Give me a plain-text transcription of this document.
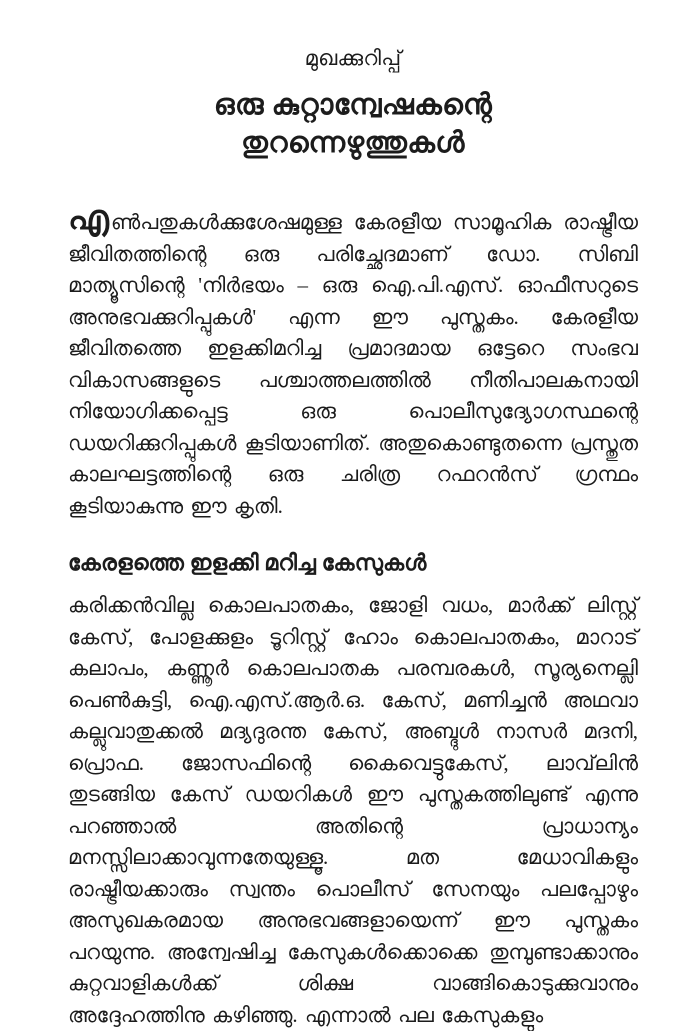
മുഖക്കുറിപ്പ്
ഒരു കുറ്റാന്വേഷകന്റെ
തുറന്നെഴുത്തുകൾ

എൺപതുകൾക്കുശേഷമുള്ള കേരളീയ സാമൂഹിക രാഷ്ട്രീയ ജീവിതത്തിന്റെ ഒരു പരിച്ഛേദമാണ് ഡോ. സിബി മാത്യൂസിന്റെ 'നിർഭയം – ഒരു ഐ.പി.എസ്. ഓഫീസറുടെ അനുഭവക്കുറിപ്പുകൾ' എന്ന ഈ പുസ്തകം. കേരളീയ ജീവിതത്തെ ഇളക്കിമറിച്ച പ്രമാദമായ ഒട്ടേറെ സംഭവ വികാസങ്ങളുടെ പശ്ചാത്തലത്തിൽ നീതിപാലകനായി നിയോഗിക്കപ്പെട്ട ഒരു പൊലീസുദ്യോഗസ്ഥന്റെ ഡയറിക്കുറിപ്പുകൾ കൂടിയാണിത്. അതുകൊണ്ടുതന്നെ പ്രസ്തുത കാലഘട്ടത്തിന്റെ ഒരു ചരിത്ര റഫറൻസ് ഗ്രന്ഥം കൂടിയാകുന്നു ഈ കൃതി.

കേരളത്തെ ഇളക്കി മറിച്ച കേസുകൾ

കരിക്കൻവില്ല കൊലപാതകം, ജോളി വധം, മാർക്ക് ലിസ്റ്റ് കേസ്, പോളക്കുളം ടൂറിസ്റ്റ് ഹോം കൊലപാതകം, മാറാട് കലാപം, കണ്ണൂർ കൊലപാതക പരമ്പരകൾ, സൂര്യനെല്ലി പെൺകുട്ടി, ഐ.എസ്.ആർ.ഒ. കേസ്, മണിച്ചൻ അഥവാ കല്ലുവാതുക്കൽ മദ്യദുരന്ത കേസ്, അബ്ദുൾ നാസർ മദനി, പ്രൊഫ. ജോസഫിന്റെ കൈവെട്ടുകേസ്, ലാവ്‌ലിൻ തുടങ്ങിയ കേസ് ഡയറികൾ ഈ പുസ്തകത്തിലുണ്ട് എന്നു പറഞ്ഞാൽ അതിന്റെ പ്രാധാന്യം മനസ്സിലാക്കാവുന്നതേയുള്ളൂ. മത മേധാവികളും രാഷ്ട്രീയക്കാരും സ്വന്തം പൊലീസ് സേനയും പലപ്പോഴും അസുഖകരമായ അനുഭവങ്ങളായെന്ന് ഈ പുസ്തകം പറയുന്നു. അന്വേഷിച്ച കേസുകൾക്കൊക്കെ തുമ്പുണ്ടാക്കാനും കുറ്റവാളികൾക്ക് ശിക്ഷ വാങ്ങികൊടുക്കുവാനും അദ്ദേഹത്തിനു കഴിഞ്ഞു. എന്നാൽ പല കേസുകളും
